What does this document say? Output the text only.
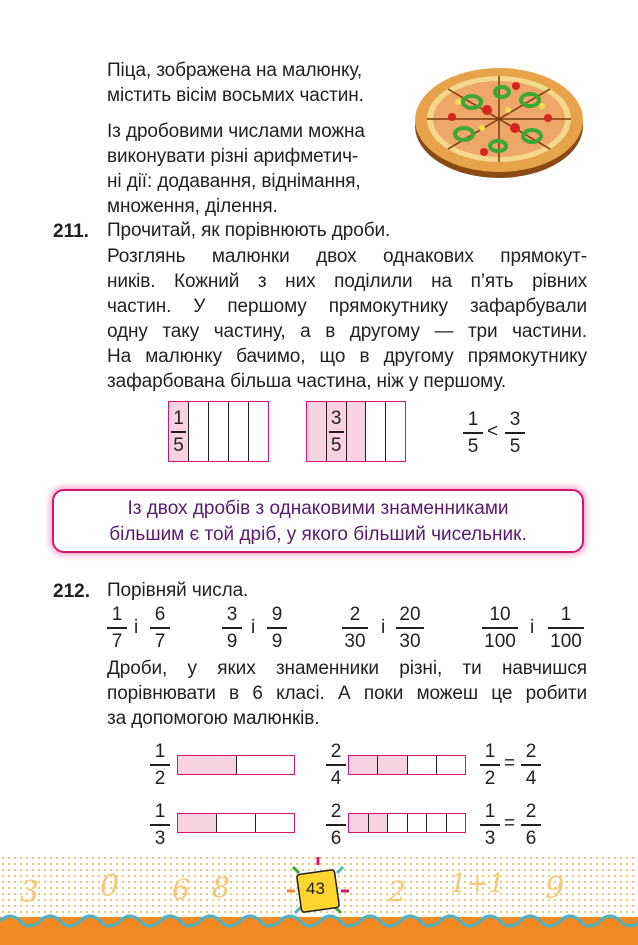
Піца, зображена на малюнку,
містить вісім восьмих частин.
Із дробовими числами можна
виконувати різні арифметич-
ні дії: додавання, віднімання,
множення, ділення.
211. Прочитай, як порівнюють дроби.
Розглянь малюнки двох однакових прямокут-
ників. Кожний з них поділили на п’ять рівних
частин. У першому прямокутнику зафарбували
одну таку частину, а в другому — три частини.
На малюнку бачимо, що в другому прямокутнику
зафарбована більша частина, ніж у першому.
1
5
3
5
1
5
<
3
5
Із двох дробів з однаковими знаменниками
більшим є той дріб, у якого більший чисельник.
212. Порівняй числа.
1
7
і
6
7
3
9
і
9
9
2
30
і
20
30
10
100
і
1
100
Дроби, у яких знаменники різні, ти навчишся
порівнювати в 6 класі. А поки можеш це робити
за допомогою малюнків.
1
2
2
4
1
2
=
2
4
1
3
2
6
1
3
=
2
6
3 0 6 8	2 1+1 9
43
